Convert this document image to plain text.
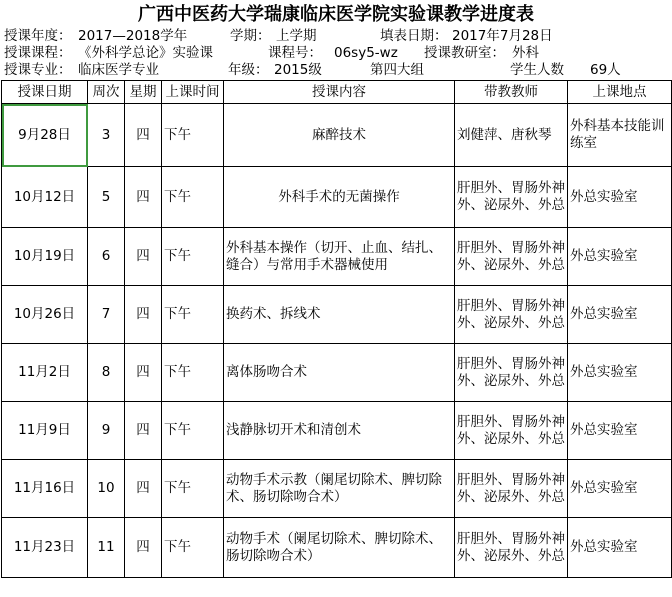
广西中医药大学瑞康临床医学院实验课教学进度表
授课年度： 2017—2018学年	学期： 上学期	填表日期： 2017年7月28日
授课课程： 《外科学总论》实验课	课程号： 06sy5-wz 授课教研室： 外科
授课专业： 临床医学专业	年级： 2015级	第四大组	学生人数 69人
授课日期	周次	星期	上课时间	授课内容	带教教师	上课地点
9月28日	3	四	下午	麻醉技术	刘健萍、唐秋琴	外科基本技能训练室
10月12日	5	四	下午	外科手术的无菌操作	肝胆外、胃肠外神外、泌尿外、外总	外总实验室
10月19日	6	四	下午	外科基本操作（切开、止血、结扎、缝合）与常用手术器械使用	肝胆外、胃肠外神外、泌尿外、外总	外总实验室
10月26日	7	四	下午	换药术、拆线术	肝胆外、胃肠外神外、泌尿外、外总	外总实验室
11月2日	8	四	下午	离体肠吻合术	肝胆外、胃肠外神外、泌尿外、外总	外总实验室
11月9日	9	四	下午	浅静脉切开术和清创术	肝胆外、胃肠外神外、泌尿外、外总	外总实验室
11月16日	10	四	下午	动物手术示教（阑尾切除术、脾切除术、肠切除吻合术）	肝胆外、胃肠外神外、泌尿外、外总	外总实验室
11月23日	11	四	下午	动物手术（阑尾切除术、脾切除术、肠切除吻合术）	肝胆外、胃肠外神外、泌尿外、外总	外总实验室
